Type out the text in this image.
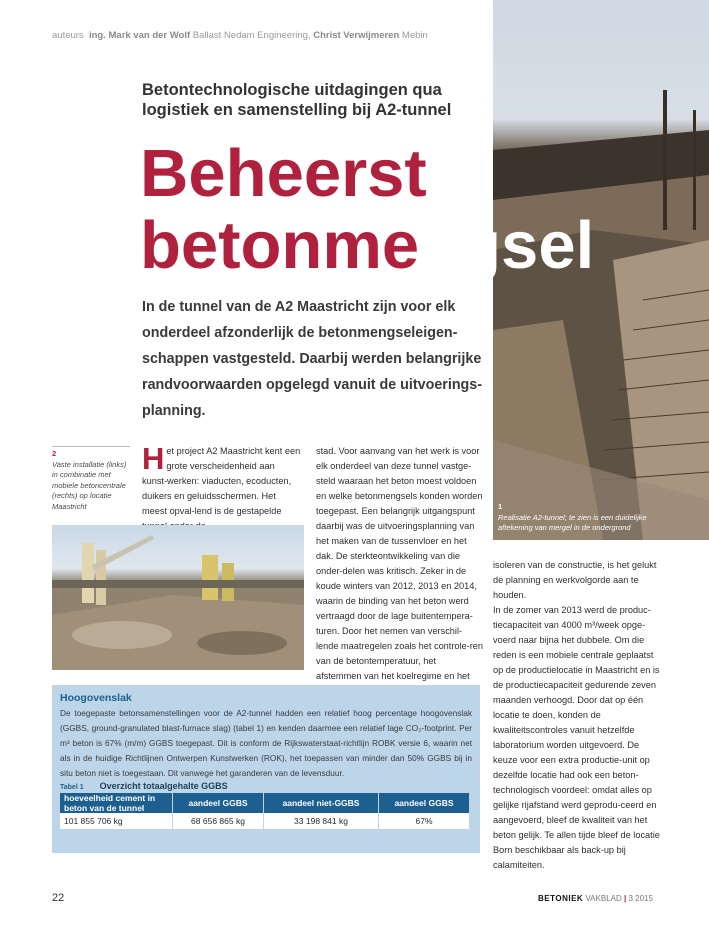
auteurs ing. Mark van der Wolf Ballast Nedam Engineering, Christ Verwijmeren Mebin
Betontechnologische uitdagingen qua logistiek en samenstelling bij A2-tunnel
Beheerst
betonmengsel
In de tunnel van de A2 Maastricht zijn voor elk onderdeel afzonderlijk de betonmengseleigen-schappen vastgesteld. Daarbij werden belangrijke randvoorwaarden opgelegd vanuit de uitvoerings-planning.
2
Vaste installatie (links) in combinatie met mobiele betoncentrale (rechts) op locatie Maastricht	1
Realisatie A2-tunnel; te zien is een duidelijke aftekening van mergel in de ondergrond
Het project A2 Maastricht kent een grote verscheidenheid aan kunst-werken: viaducten, ecoducten, duikers en geluidsschermen. Het meest opval-lend is de gestapelde
stad. Voor aanvang van het werk is voor elk onderdeel van deze tunnel vastge-steld waaraan het beton moest voldoen en welke betonmengsels konden worden toegepast. Een belangrijk uitgangspunt daarbij was de uitvoeringsplanning van het maken van de tussenvloer en het dak. De sterkteontwikkeling van die onder-delen was kritisch. Zeker in de koude winters van 2012, 2013 en 2014, waarin de binding van het beton werd vertraagd door de lage buitentempera-turen. Door het nemen van verschil-lende maatregelen zoals het controle-ren van de betontemperatuur, het afstemmen van het koelregime en het
isoleren van de constructie, is het gelukt de planning en werkvolgorde aan te houden.
In de zomer van 2013 werd de produc-tiecapaciteit van 4000 m³/week opge-voerd naar bijna het dubbele. Om die reden is een mobiele centrale geplaatst op de productielocatie in Maastricht en is de productiecapaciteit gedurende zeven maanden verhoogd. Door dat op één locatie te doen, konden de kwaliteitscontroles vanuit hetzelfde laboratorium worden uitgevoerd. De keuze voor een extra productie-unit op dezelfde locatie had ook een beton-technologisch voordeel: omdat alles op gelijke rijafstand werd geprodu-ceerd en aangevoerd, bleef de kwaliteit van het beton gelijk. Te allen tijde bleef de locatie Born beschikbaar als back-up bij calamiteiten.
Hoogovenslak
De toegepaste betonsamenstellingen voor de A2-tunnel hadden een relatief hoog percentage hoogovenslak (GGBS, ground-granulated blast-furnace slag) (tabel 1) en kenden daarmee een relatief lage CO₂-footprint. Per m³ beton is 67% (m/m) GGBS toegepast. Dit is conform de Rijkswaterstaat-richtlijn ROBK versie 6, waarin net als in de huidige Richtlijnen Ontwerpen Kunstwerken (ROK), het toepassen van minder dan 50% GGBS bij in situ beton niet is toegestaan. Dit vanwege het garanderen van de levensduur.
Tabel 1 Overzicht totaalgehalte GGBS
hoeveelheid cement in beton van de tunnel	aandeel GGBS	aandeel niet-GGBS	aandeel GGBS
101 855 706 kg	68 656 865 kg	33 198 841 kg	67%
22	BETONIEK VAKBLAD | 3 2015
